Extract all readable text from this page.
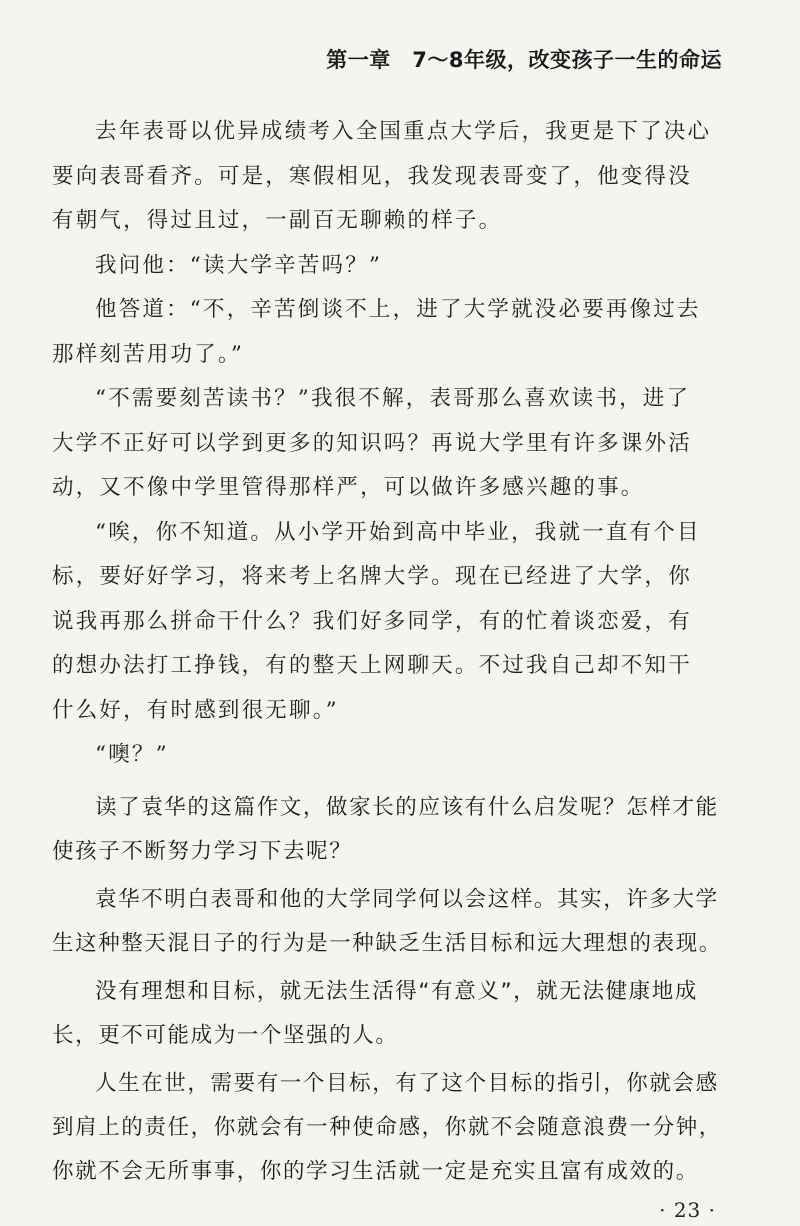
第一章　7～8年级，改变孩子一生的命运

去年表哥以优异成绩考入全国重点大学后，我更是下了决心要向表哥看齐。可是，寒假相见，我发现表哥变了，他变得没有朝气，得过且过，一副百无聊赖的样子。

我问他：“读大学辛苦吗？”

他答道：“不，辛苦倒谈不上，进了大学就没必要再像过去那样刻苦用功了。”

“不需要刻苦读书？”我很不解，表哥那么喜欢读书，进了大学不正好可以学到更多的知识吗？再说大学里有许多课外活动，又不像中学里管得那样严，可以做许多感兴趣的事。

“唉，你不知道。从小学开始到高中毕业，我就一直有个目标，要好好学习，将来考上名牌大学。现在已经进了大学，你说我再那么拼命干什么？我们好多同学，有的忙着谈恋爱，有的想办法打工挣钱，有的整天上网聊天。不过我自己却不知干什么好，有时感到很无聊。”

“噢？”

读了袁华的这篇作文，做家长的应该有什么启发呢？怎样才能使孩子不断努力学习下去呢？

袁华不明白表哥和他的大学同学何以会这样。其实，许多大学生这种整天混日子的行为是一种缺乏生活目标和远大理想的表现。

没有理想和目标，就无法生活得“有意义”，就无法健康地成长，更不可能成为一个坚强的人。

人生在世，需要有一个目标，有了这个目标的指引，你就会感到肩上的责任，你就会有一种使命感，你就不会随意浪费一分钟，你就不会无所事事，你的学习生活就一定是充实且富有成效的。

· 23 ·
